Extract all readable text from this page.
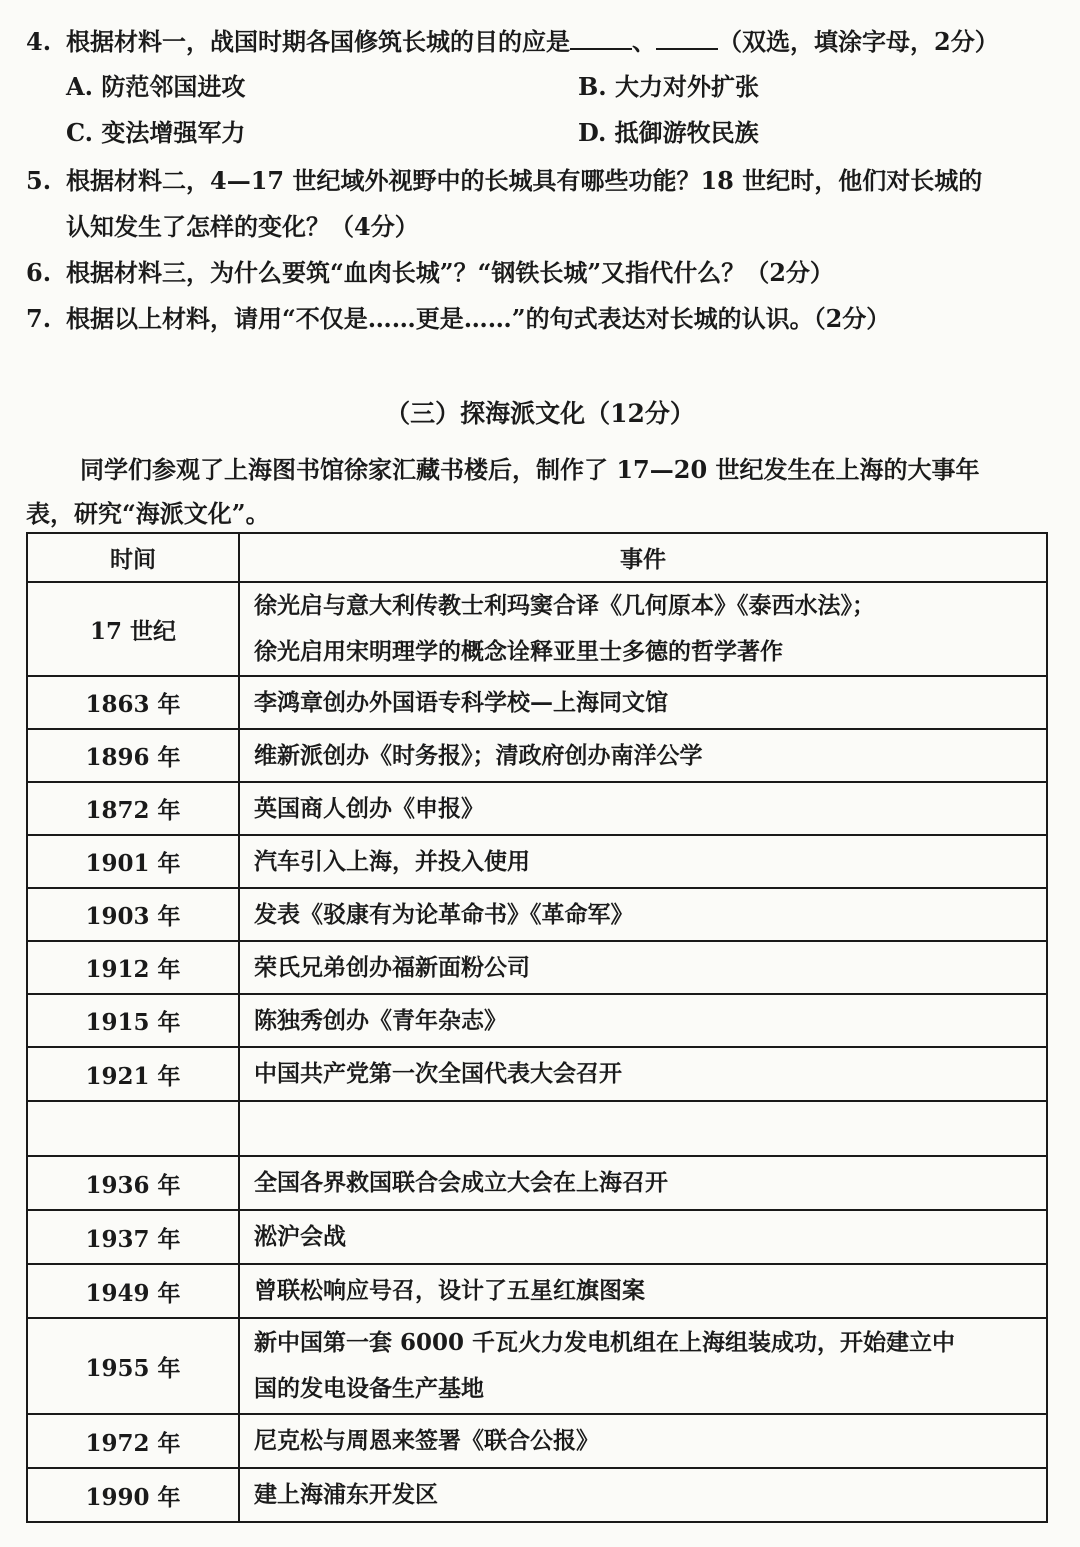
4. 根据材料一，战国时期各国修筑长城的目的应是	、	（双选，填涂字母，2分）
A. 防范邻国进攻	B. 大力对外扩张
C. 变法增强军力	D. 抵御游牧民族
5. 根据材料二，4—17 世纪域外视野中的长城具有哪些功能？18 世纪时，他们对长城的
认知发生了怎样的变化？（4分）
6. 根据材料三，为什么要筑“血肉长城”？“钢铁长城”又指代什么？（2分）
7. 根据以上材料，请用“不仅是……更是……”的句式表达对长城的认识。（2分）
（三）探海派文化（12分）
同学们参观了上海图书馆徐家汇藏书楼后，制作了 17—20 世纪发生在上海的大事年
表，研究“海派文化”。
时间	事件
17 世纪	徐光启与意大利传教士利玛窦合译《几何原本》《泰西水法》；
徐光启用宋明理学的概念诠释亚里士多德的哲学著作

1863 年	李鸿章创办外国语专科学校—上海同文馆
1896 年	维新派创办《时务报》；清政府创办南洋公学
1872 年	英国商人创办《申报》
1901 年	汽车引入上海，并投入使用
1903 年	发表《驳康有为论革命书》《革命军》
1912 年	荣氏兄弟创办福新面粉公司
1915 年	陈独秀创办《青年杂志》
1921 年	中国共产党第一次全国代表大会召开

1936 年	全国各界救国联合会成立大会在上海召开
1937 年	淞沪会战
1949 年	曾联松响应号召，设计了五星红旗图案
1955 年	新中国第一套 6000 千瓦火力发电机组在上海组装成功，开始建立中
国的发电设备生产基地

1972 年	尼克松与周恩来签署《联合公报》
1990 年	建上海浦东开发区
